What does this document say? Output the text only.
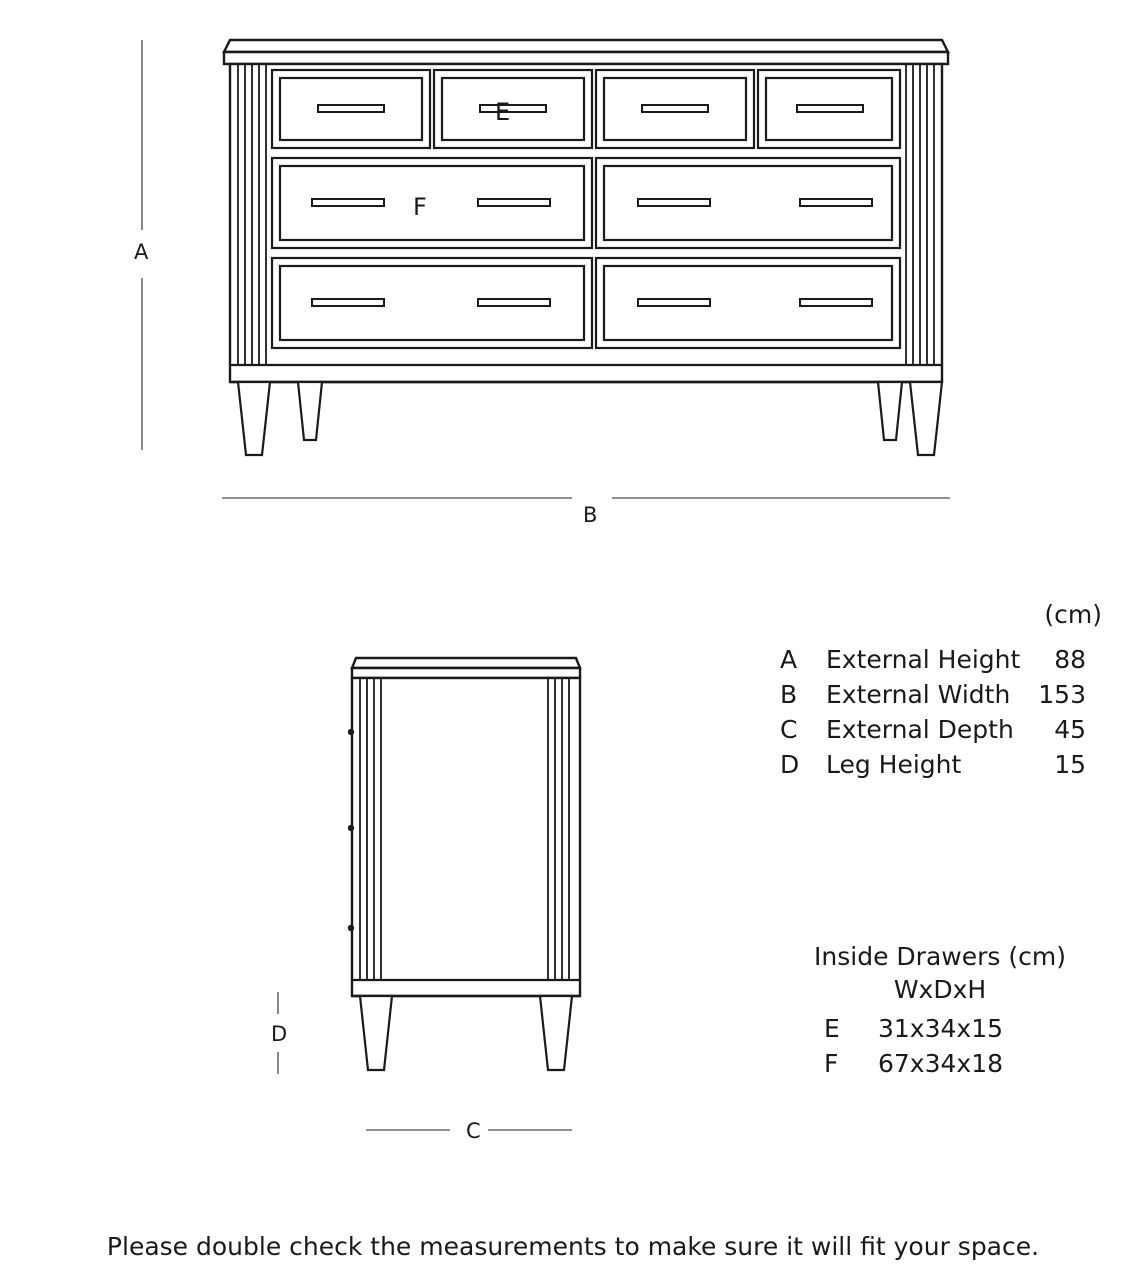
A
B
E
F
D
C
(cm)
A	External Height	88
B	External Width	153
C	External Depth	45
D	Leg Height	15
Inside Drawers (cm)
WxDxH
E	31x34x15
F	67x34x18
Please double check the measurements to make sure it will fit your space.
